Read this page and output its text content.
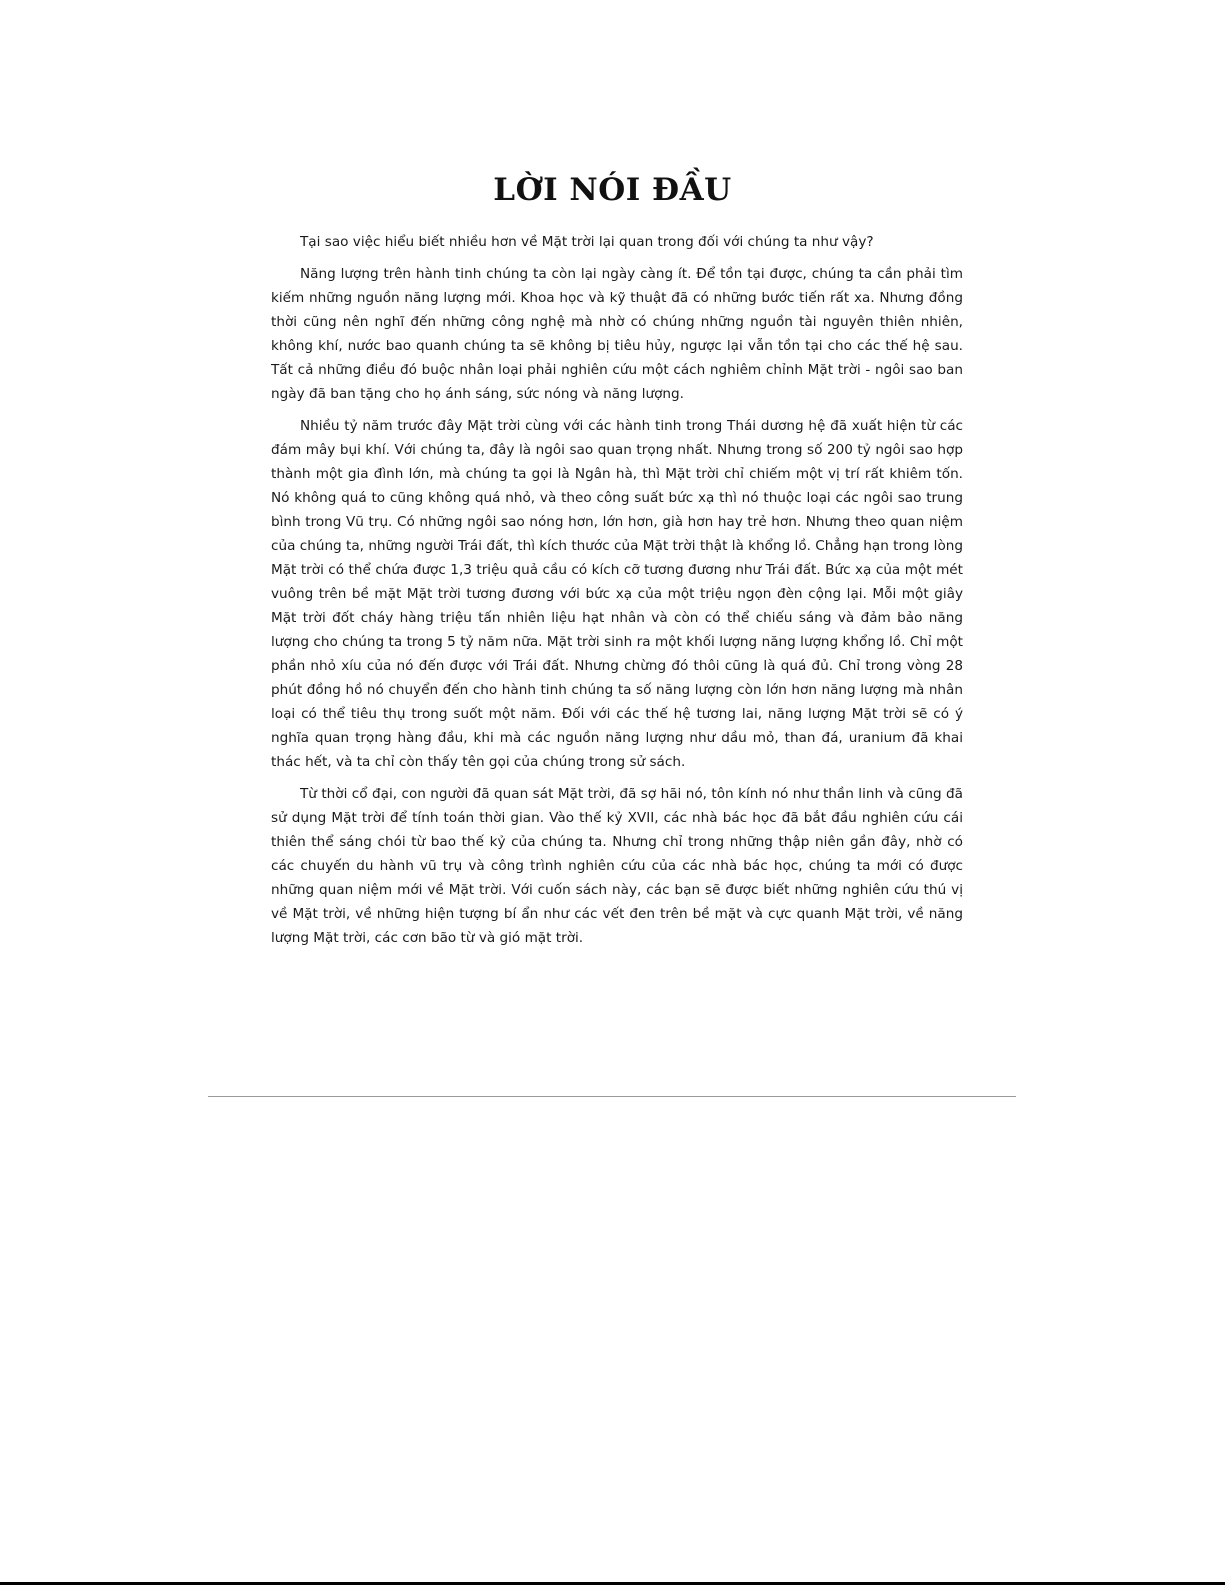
LỜI NÓI ĐẦU

Tại sao việc hiểu biết nhiều hơn về Mặt trời lại quan trong đối với chúng ta như vậy?

Năng lượng trên hành tinh chúng ta còn lại ngày càng ít. Để tồn tại được, chúng ta cần phải tìm kiếm những nguồn năng lượng mới. Khoa học và kỹ thuật đã có những bước tiến rất xa. Nhưng đồng thời cũng nên nghĩ đến những công nghệ mà nhờ có chúng những nguồn tài nguyên thiên nhiên, không khí, nước bao quanh chúng ta sẽ không bị tiêu hủy, ngược lại vẫn tồn tại cho các thế hệ sau. Tất cả những điều đó buộc nhân loại phải nghiên cứu một cách nghiêm chỉnh Mặt trời - ngôi sao ban ngày đã ban tặng cho họ ánh sáng, sức nóng và năng lượng.

Nhiều tỷ năm trước đây Mặt trời cùng với các hành tinh trong Thái dương hệ đã xuất hiện từ các đám mây bụi khí. Với chúng ta, đây là ngôi sao quan trọng nhất. Nhưng trong số 200 tỷ ngôi sao hợp thành một gia đình lớn, mà chúng ta gọi là Ngân hà, thì Mặt trời chỉ chiếm một vị trí rất khiêm tốn. Nó không quá to cũng không quá nhỏ, và theo công suất bức xạ thì nó thuộc loại các ngôi sao trung bình trong Vũ trụ. Có những ngôi sao nóng hơn, lớn hơn, già hơn hay trẻ hơn. Nhưng theo quan niệm của chúng ta, những người Trái đất, thì kích thước của Mặt trời thật là khổng lồ. Chẳng hạn trong lòng Mặt trời có thể chứa được 1,3 triệu quả cầu có kích cỡ tương đương như Trái đất. Bức xạ của một mét vuông trên bề mặt Mặt trời tương đương với bức xạ của một triệu ngọn đèn cộng lại. Mỗi một giây Mặt trời đốt cháy hàng triệu tấn nhiên liệu hạt nhân và còn có thể chiếu sáng và đảm bảo năng lượng cho chúng ta trong 5 tỷ năm nữa. Mặt trời sinh ra một khối lượng năng lượng khổng lồ. Chỉ một phần nhỏ xíu của nó đến được với Trái đất. Nhưng chừng đó thôi cũng là quá đủ. Chỉ trong vòng 28 phút đồng hồ nó chuyển đến cho hành tinh chúng ta số năng lượng còn lớn hơn năng lượng mà nhân loại có thể tiêu thụ trong suốt một năm. Đối với các thế hệ tương lai, năng lượng Mặt trời sẽ có ý nghĩa quan trọng hàng đầu, khi mà các nguồn năng lượng như dầu mỏ, than đá, uranium đã khai thác hết, và ta chỉ còn thấy tên gọi của chúng trong sử sách.

Từ thời cổ đại, con người đã quan sát Mặt trời, đã sợ hãi nó, tôn kính nó như thần linh và cũng đã sử dụng Mặt trời để tính toán thời gian. Vào thế kỷ XVII, các nhà bác học đã bắt đầu nghiên cứu cái thiên thể sáng chói từ bao thế kỷ của chúng ta. Nhưng chỉ trong những thập niên gần đây, nhờ có các chuyến du hành vũ trụ và công trình nghiên cứu của các nhà bác học, chúng ta mới có được những quan niệm mới về Mặt trời. Với cuốn sách này, các bạn sẽ được biết những nghiên cứu thú vị về Mặt trời, về những hiện tượng bí ẩn như các vết đen trên bề mặt và cực quanh Mặt trời, về năng lượng Mặt trời, các cơn bão từ và gió mặt trời.
